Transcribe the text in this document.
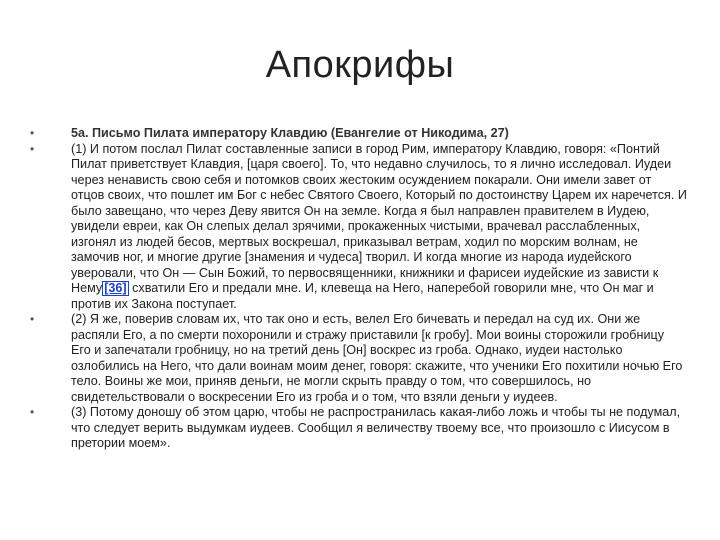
Апокрифы
•	5а. Письмо Пилата императору Клавдию (Евангелие от Никодима, 27)
•	(1) И потом послал Пилат составленные записи в город Рим, императору Клавдию, говоря: «Понтий Пилат приветствует Клавдия, [царя своего]. То, что недавно случилось, то я лично исследовал. Иудеи через ненависть свою себя и потомков своих жестоким осуждением покарали. Они имели завет от отцов своих, что пошлет им Бог с небес Святого Своего, Который по достоинству Царем их наречется. И было завещано, что через Деву явится Он на земле. Когда я был направлен правителем в Иудею, увидели евреи, как Он слепых делал зрячими, прокаженных чистыми, врачевал расслабленных, изгонял из людей бесов, мертвых воскрешал, приказывал ветрам, ходил по морским волнам, не замочив ног, и многие другие [знамения и чудеса] творил. И когда многие из народа иудейского уверовали, что Он — Сын Божий, то первосвященники, книжники и фарисеи иудейские из зависти к Нему [36] схватили Его и предали мне. И, клевеща на Него, наперебой говорили мне, что Он маг и против их Закона поступает.
•	(2) Я же, поверив словам их, что так оно и есть, велел Его бичевать и передал на суд их. Они же распяли Его, а по смерти похоронили и стражу приставили [к гробу]. Мои воины сторожили гробницу Его и запечатали гробницу, но на третий день [Он] воскрес из гроба. Однако, иудеи настолько озлобились на Него, что дали воинам моим денег, говоря: скажите, что ученики Его похитили ночью Его тело. Воины же мои, приняв деньги, не могли скрыть правду о том, что совершилось, но свидетельствовали о воскресении Его из гроба и о том, что взяли деньги у иудеев.
•	(3) Потому доношу об этом царю, чтобы не распространилась какая-либо ложь и чтобы ты не подумал, что следует верить выдумкам иудеев. Сообщил я величеству твоему все, что произошло с Иисусом в претории моем».
